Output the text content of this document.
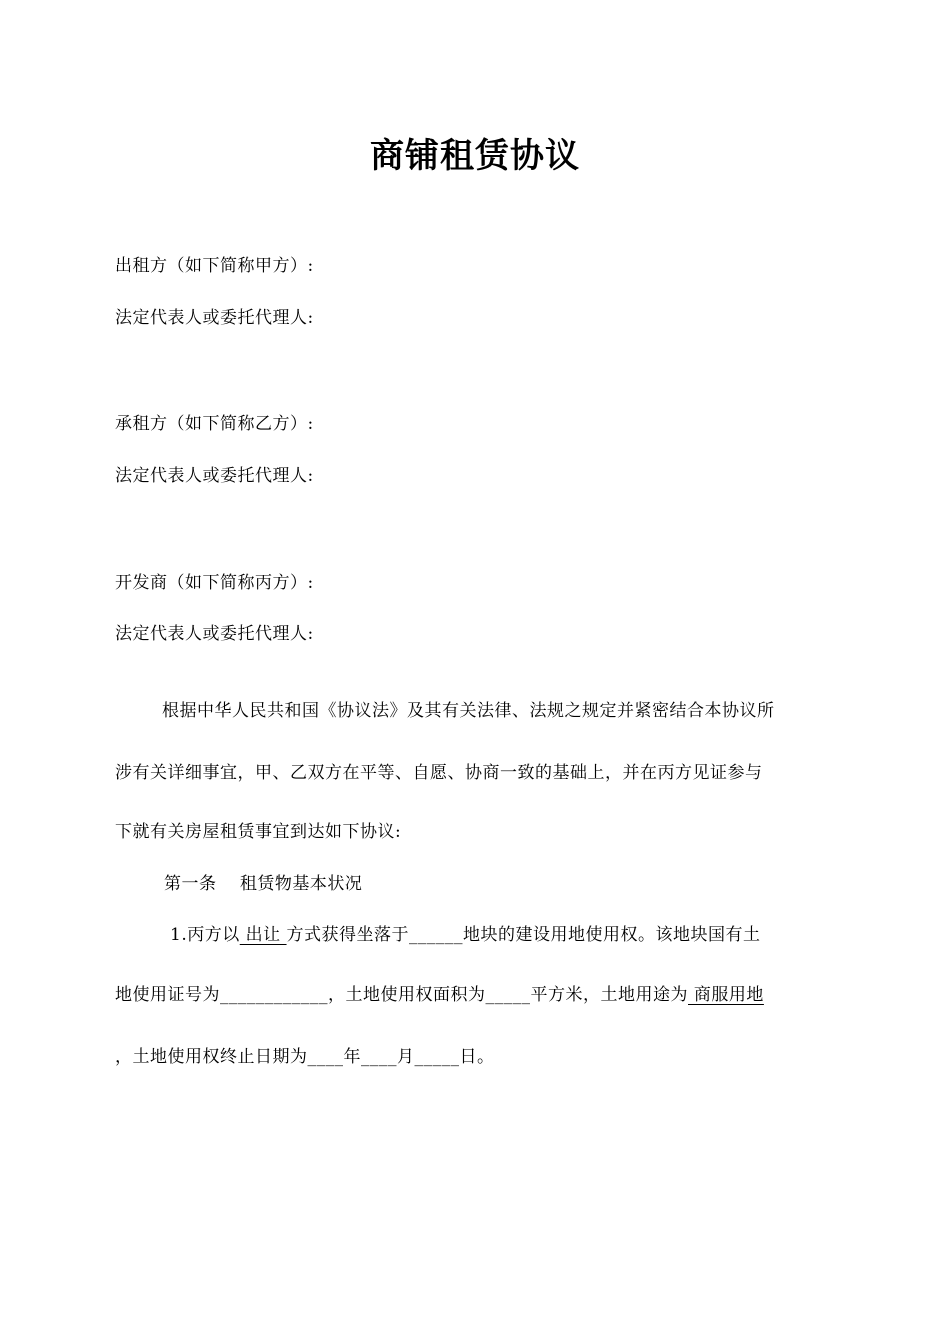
商铺租赁协议
出租方（如下简称甲方）:
法定代表人或委托代理人:
承租方（如下简称乙方）:
法定代表人或委托代理人:
开发商（如下简称丙方）:
法定代表人或委托代理人:
根据中华人民共和国《协议法》及其有关法律、法规之规定并紧密结合本协议所
涉有关详细事宜，甲、乙双方在平等、自愿、协商一致的基础上，并在丙方见证参与
下就有关房屋租赁事宜到达如下协议:
第一条　 租赁物基本状况
1.丙方以 出让 方式获得坐落于______地块的建设用地使用权。该地块国有土
地使用证号为____________，土地使用权面积为_____平方米，土地用途为 商服用地
，土地使用权终止日期为____年____月_____日。
